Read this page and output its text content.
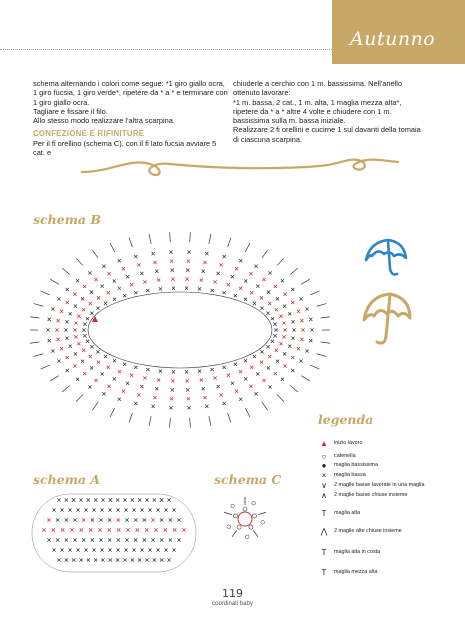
Autunno

schema alternando i colori come segue: *1 giro giallo ocra, 1 giro fucsia, 1 giro verde*, ripetere da * a * e terminare con 1 giro giallo ocra.

Tagliare e fissare il filo.

Allo stesso modo realizzare l'altra scarpina.

CONFEZIONE E RIFINITURE

Per il fi orellino (schema C), con il fi lato fucsia avviare 5 cat. e

chiuderle a cerchio con 1 m. bassissima. Nell'anello ottenuto lavorare:

*1 m. bassa, 2 cat., 1 m. alta, 1 maglia mezza alta*, ripetere da * a * altre 4 volte e chiudere con 1 m. bassissima sulla m. bassa iniziale.

Realizzare 2 fi orellini e cucirne 1 sul davanti della tomaia di ciascuna scarpina.

schema B
schema A	schema C
legenda
▲	inizio lavoro
○	catenella
●	maglia bassissima
×	maglia bassa
∨	2 maglie basse lavorate in una maglia
∧	2 maglie basse chiuse insieme
T	maglia alta
⋀	2 maglie alte chiuse insieme
T	maglia alta in costa
T	maglia mezza alta
119
coordinati baby
